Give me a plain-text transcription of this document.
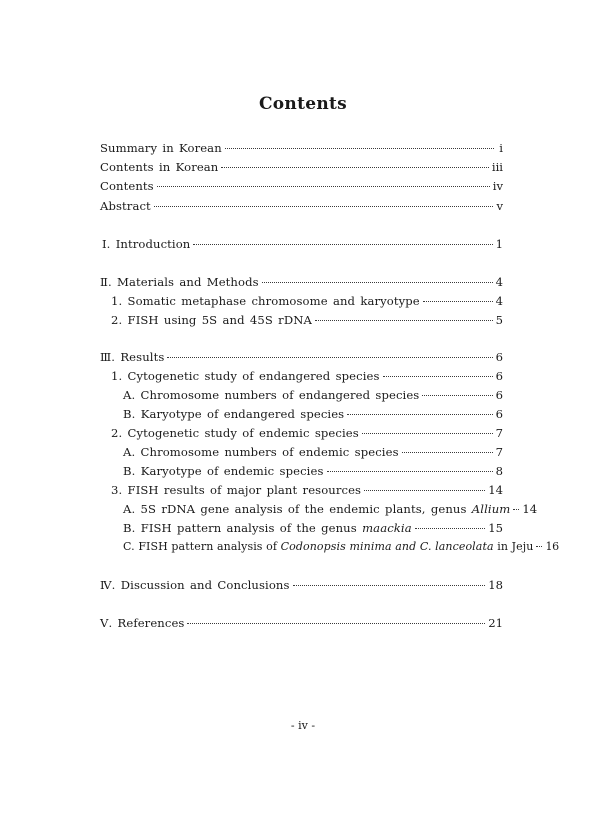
Contents
Summary in Korean	i
Contents in Korean	iii
Contents	iv
Abstract	v
Ⅰ. Introduction	1
Ⅱ. Materials and Methods	4
1. Somatic metaphase chromosome and karyotype	4
2. FISH using 5S and 45S rDNA	5
Ⅲ. Results	6
1. Cytogenetic study of endangered species	6
A. Chromosome numbers of endangered species	6
B. Karyotype of endangered species	6
2. Cytogenetic study of endemic species	7
A. Chromosome numbers of endemic species	7
B. Karyotype of endemic species	8
3. FISH results of major plant resources	14
A. 5S rDNA gene analysis of the endemic plants, genus Allium 14
B. FISH pattern analysis of the genus maackia	15
C. FISH pattern analysis of Codonopsis minima and C. lanceolata in Jeju 16
Ⅳ. Discussion and Conclusions	18
Ⅴ. References	21
- iv -
